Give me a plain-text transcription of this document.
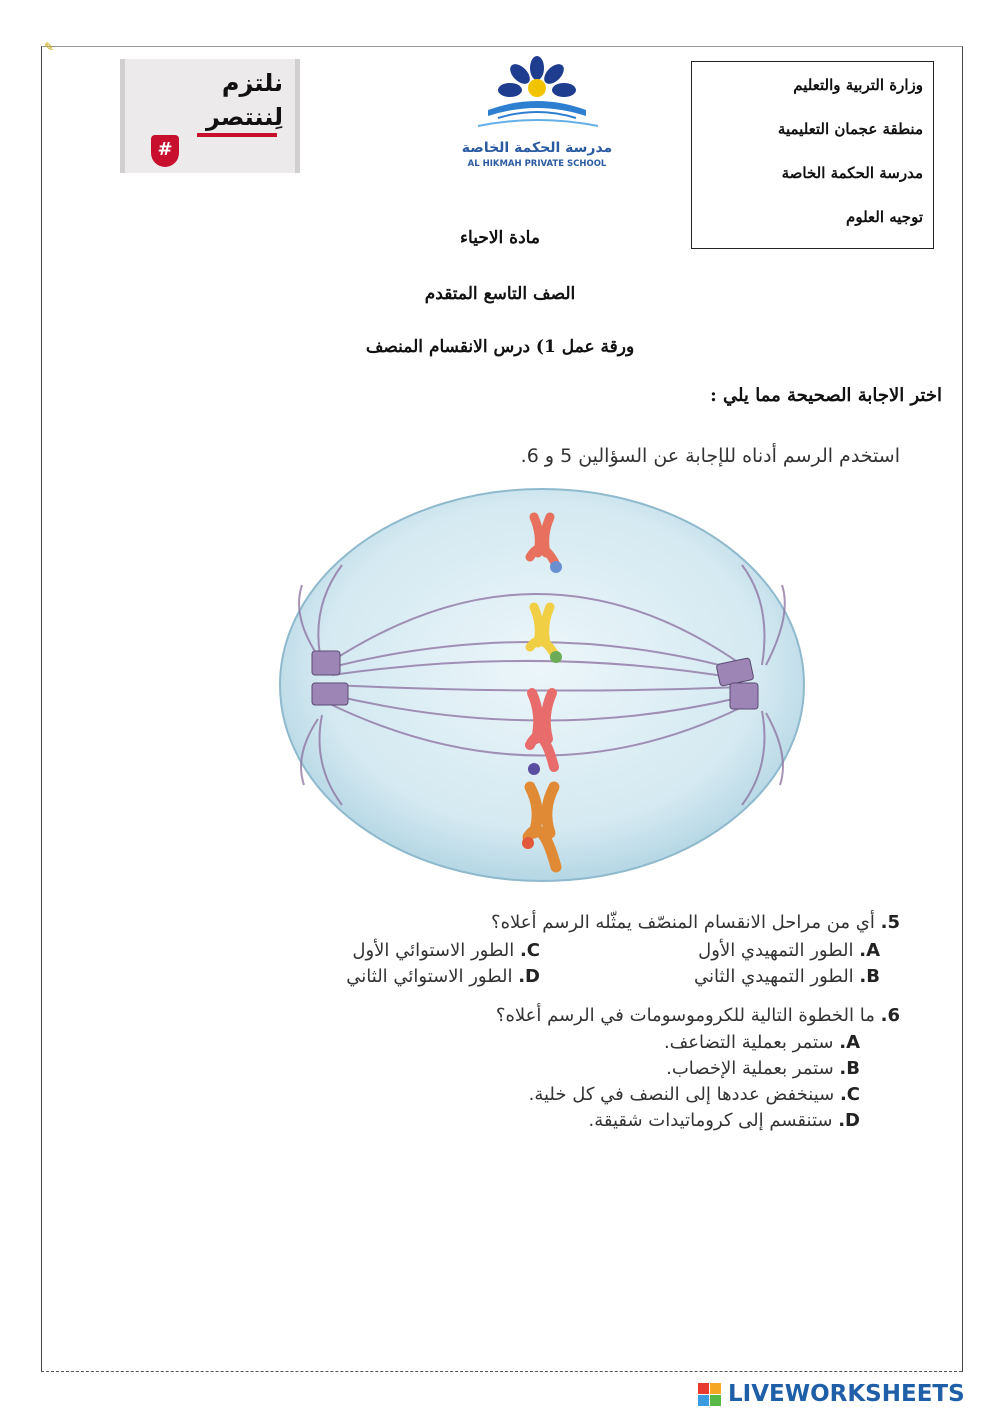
✎
وزارة التربية والتعليم
منطقة عجمان التعليمية
مدرسة الحكمة الخاصة
توجيه العلوم
نلتزم
لِننتصر
#	مدرسة الحكمة الخاصة
AL HIKMAH PRIVATE SCHOOL
مادة الاحياء
الصف التاسع المتقدم
ورقة عمل 1) درس الانقسام المنصف
اختر الاجابة الصحيحة مما يلي :
استخدم الرسم أدناه للإجابة عن السؤالين 5 و 6.
5. أي من مراحل الانقسام المنصّف يمثّله الرسم أعلاه؟
A. الطور التمهيدي الأول
C. الطور الاستوائي الأول
B. الطور التمهيدي الثاني
D. الطور الاستوائي الثاني
6. ما الخطوة التالية للكروموسومات في الرسم أعلاه؟
A. ستمر بعملية التضاعف.
B. ستمر بعملية الإخصاب.
C. سينخفض عددها إلى النصف في كل خلية.
D. ستنقسم إلى كروماتيدات شقيقة.
LIVEWORKSHEETS
